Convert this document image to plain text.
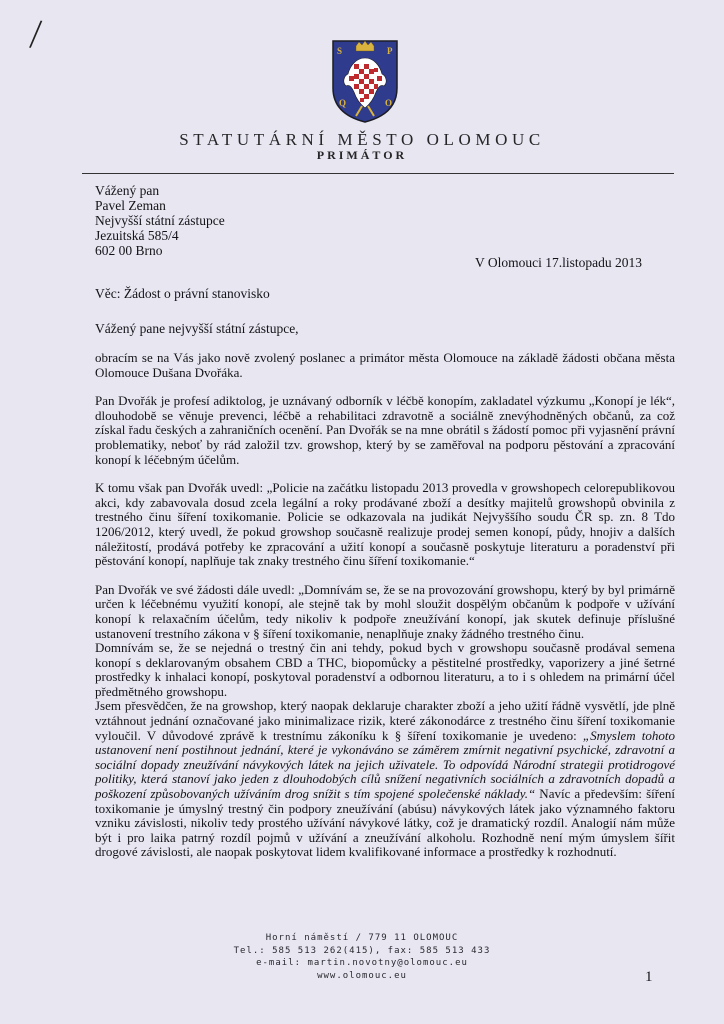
/	S	P
Q	O
STATUTÁRNÍ MĚSTO OLOMOUC
PRIMÁTOR
Vážený pan
Pavel Zeman
Nejvyšší státní zástupce
Jezuitská 585/4
602 00 Brno
V Olomouci 17.listopadu 2013
Věc: Žádost o právní stanovisko
Vážený pane nejvyšší státní zástupce,

obracím se na Vás jako nově zvolený poslanec a primátor města Olomouce na základě žádosti občana města Olomouce Dušana Dvořáka.

Pan Dvořák je profesí adiktolog, je uznávaný odborník v léčbě konopím, zakladatel výzkumu „Konopí je lék“, dlouhodobě se věnuje prevenci, léčbě a rehabilitaci zdravotně a sociálně znevýhodněných občanů, za což získal řadu českých a zahraničních ocenění. Pan Dvořák se na mne obrátil s žádostí pomoc při vyjasnění právní problematiky, neboť by rád založil tzv. growshop, který by se zaměřoval na podporu pěstování a zpracování konopí k léčebným účelům.

K tomu však pan Dvořák uvedl: „Policie na začátku listopadu 2013 provedla v growshopech celorepublikovou akci, kdy zabavovala dosud zcela legální a roky prodávané zboží a desítky majitelů growshopů obvinila z trestného činu šíření toxikomanie. Policie se odkazovala na judikát Nejvyššího soudu ČR sp. zn. 8 Tdo 1206/2012, který uvedl, že pokud growshop současně realizuje prodej semen konopí, půdy, hnojiv a dalších náležitostí, prodává potřeby ke zpracování a užití konopí a současně poskytuje literaturu a poradenství při pěstování konopí, naplňuje tak znaky trestného činu šíření toxikomanie.“

Pan Dvořák ve své žádosti dále uvedl: „Domnívám se, že se na provozování growshopu, který by byl primárně určen k léčebnému využití konopí, ale stejně tak by mohl sloužit dospělým občanům k podpoře v užívání konopí k relaxačním účelům, tedy nikoliv k podpoře zneužívání konopí, jak skutek definuje příslušné ustanovení trestního zákona v § šíření toxikomanie, nenaplňuje znaky žádného trestného činu.

Domnívám se, že se nejedná o trestný čin ani tehdy, pokud bych v growshopu současně prodával semena konopí s deklarovaným obsahem CBD a THC, biopomůcky a pěstitelné prostředky, vaporizery a jiné šetrné prostředky k inhalaci konopí, poskytoval poradenství a odbornou literaturu, a to i s ohledem na primární účel předmětného growshopu.

Jsem přesvědčen, že na growshop, který naopak deklaruje charakter zboží a jeho užití řádně vysvětlí, jde plně vztáhnout jednání označované jako minimalizace rizik, které zákonodárce z trestného činu šíření toxikomanie vyloučil. V důvodové zprávě k trestnímu zákoníku k § šíření toxikomanie je uvedeno: „Smyslem tohoto ustanovení není postihnout jednání, které je vykonáváno se záměrem zmírnit negativní psychické, zdravotní a sociální dopady zneužívání návykových látek na jejich uživatele. To odpovídá Národní strategii protidrogové politiky, která stanoví jako jeden z dlouhodobých cílů snížení negativních sociálních a zdravotních dopadů a poškození způsobovaných užíváním drog snížit s tím spojené společenské náklady.“ Navíc a především: šíření toxikomanie je úmyslný trestný čin podpory zneužívání (abúsu) návykových látek jako významného faktoru vzniku závislosti, nikoliv tedy prostého užívání návykové látky, což je dramatický rozdíl. Analogií nám může být i pro laika patrný rozdíl pojmů v užívání a zneužívání alkoholu. Rozhodně není mým úmyslem šířit drogové závislosti, ale naopak poskytovat lidem kvalifikované informace a prostředky k rozhodnutí.

Horní náměstí / 779 11 OLOMOUC
Tel.: 585 513 262(415), fax: 585 513 433
e-mail: martin.novotny@olomouc.eu
www.olomouc.eu	1
